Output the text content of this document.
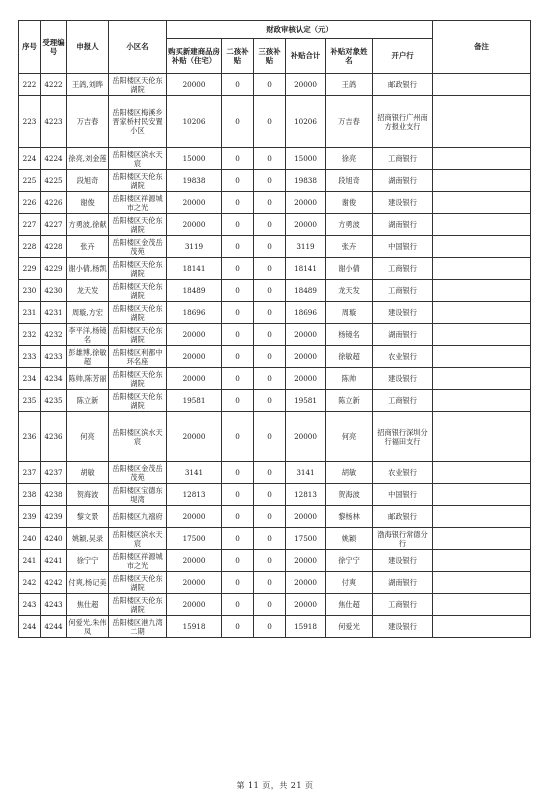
序号	受理编号	申报人	小区名	财政审核认定（元）						备注
				购买新建商品房补贴（住宅）	二孩补贴	三孩补贴	补贴合计	补贴对象姓名	开户行	
222	4222	王鸽,刘晔	岳阳楼区天伦东湖院	20000	0	0	20000	王鸽	邮政银行	
223	4223	万吉春	岳阳楼区梅溪乡晋家桥村民安置小区	10206	0	0	10206	万吉春	招商银行广州南方报业支行	
224	4224	徐亮,刘金莲	岳阳楼区滨水天宸	15000	0	0	15000	徐亮	工商银行	
225	4225	段旭奇	岳阳楼区天伦东湖院	19838	0	0	19838	段旭奇	湖南银行	
226	4226	谢俊	岳阳楼区祥源城市之光	20000	0	0	20000	谢俊	建设银行	
227	4227	方勇波,徐献	岳阳楼区天伦东湖院	20000	0	0	20000	方勇波	湖南银行	
228	4228	张卉	岳阳楼区金茂岳茂苑	3119	0	0	3119	张卉	中国银行	
229	4229	谢小倩,杨凯	岳阳楼区天伦东湖院	18141	0	0	18141	谢小倩	工商银行	
230	4230	龙天发	岳阳楼区天伦东湖院	18489	0	0	18489	龙天发	工商银行	
231	4231	周璇,方宏	岳阳楼区天伦东湖院	18696	0	0	18696	周璇	建设银行	
232	4232	李平洋,杨镜名	岳阳楼区天伦东湖院	20000	0	0	20000	杨镜名	湖南银行	
233	4233	彭雄博,徐敏超	岳阳楼区利都中环名座	20000	0	0	20000	徐敏超	农业银行	
234	4234	陈帅,陈芳丽	岳阳楼区天伦东湖院	20000	0	0	20000	陈帅	建设银行	
235	4235	陈立新	岳阳楼区天伦东湖院	19581	0	0	19581	陈立新	工商银行	
236	4236	何亮	岳阳楼区滨水天宸	20000	0	0	20000	何亮	招商银行深圳分行福田支行	
237	4237	胡敏	岳阳楼区金茂岳茂苑	3141	0	0	3141	胡敏	农业银行	
238	4238	贺海波	岳阳楼区宝德东堤湾	12813	0	0	12813	贺海波	中国银行	
239	4239	黎文景	岳阳楼区九禧府	20000	0	0	20000	黎杨林	邮政银行	
240	4240	姚颖,吴录	岳阳楼区滨水天宸	17500	0	0	17500	姚颖	渤海银行常德分行	
241	4241	徐宁宁	岳阳楼区祥源城市之光	20000	0	0	20000	徐宁宁	建设银行	
242	4242	付爽,杨记美	岳阳楼区天伦东湖院	20000	0	0	20000	付爽	湖南银行	
243	4243	焦仕超	岳阳楼区天伦东湖院	20000	0	0	20000	焦仕超	工商银行	
244	4244	何爱光,朱伟凤	岳阳楼区港九湾二期	15918	0	0	15918	何爱光	建设银行	
第 11 页，共 21 页
